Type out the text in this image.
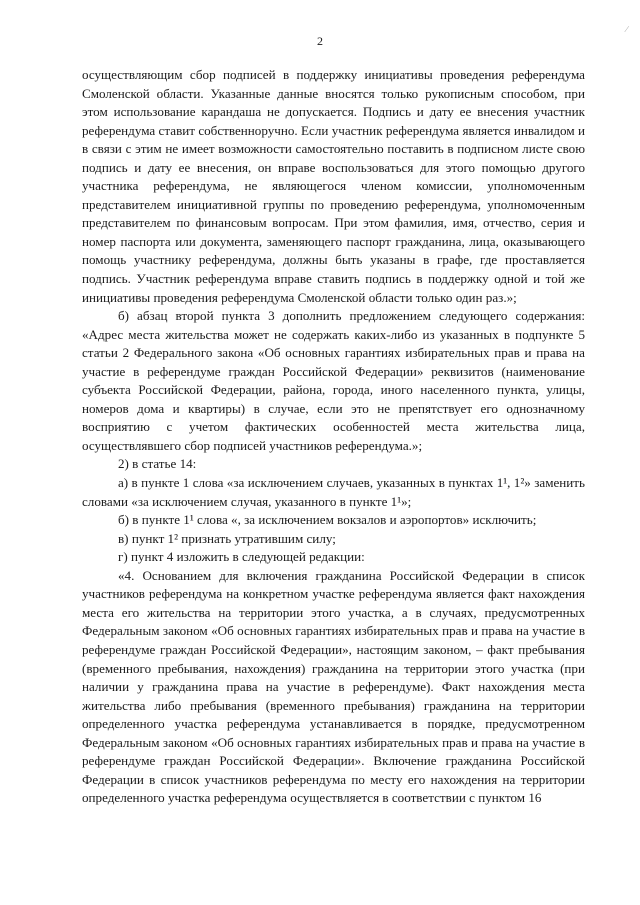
2
∕

осуществляющим сбор подписей в поддержку инициативы проведения референдума Смоленской области. Указанные данные вносятся только рукописным способом, при этом использование карандаша не допускается. Подпись и дату ее внесения участник референдума ставит собственноручно. Если участник референдума является инвалидом и в связи с этим не имеет возможности самостоятельно поставить в подписном листе свою подпись и дату ее внесения, он вправе воспользоваться для этого помощью другого участника референдума, не являющегося членом комиссии, уполномоченным представителем инициативной группы по проведению референдума, уполномоченным представителем по финансовым вопросам. При этом фамилия, имя, отчество, серия и номер паспорта или документа, заменяющего паспорт гражданина, лица, оказывающего помощь участнику референдума, должны быть указаны в графе, где проставляется подпись. Участник референдума вправе ставить подпись в поддержку одной и той же инициативы проведения референдума Смоленской области только один раз.»;

б) абзац второй пункта 3 дополнить предложением следующего содержания: «Адрес места жительства может не содержать каких-либо из указанных в подпункте 5 статьи 2 Федерального закона «Об основных гарантиях избирательных прав и права на участие в референдуме граждан Российской Федерации» реквизитов (наименование субъекта Российской Федерации, района, города, иного населенного пункта, улицы, номеров дома и квартиры) в случае, если это не препятствует его однозначному восприятию с учетом фактических особенностей места жительства лица, осуществлявшего сбор подписей участников референдума.»;

2) в статье 14:

а) в пункте 1 слова «за исключением случаев, указанных в пунктах 1¹, 1²» заменить словами «за исключением случая, указанного в пункте 1¹»;

б) в пункте 1¹ слова «, за исключением вокзалов и аэропортов» исключить;

в) пункт 1² признать утратившим силу;

г) пункт 4 изложить в следующей редакции:

«4. Основанием для включения гражданина Российской Федерации в список участников референдума на конкретном участке референдума является факт нахождения места его жительства на территории этого участка, а в случаях, предусмотренных Федеральным законом «Об основных гарантиях избирательных прав и права на участие в референдуме граждан Российской Федерации», настоящим законом, – факт пребывания (временного пребывания, нахождения) гражданина на территории этого участка (при наличии у гражданина права на участие в референдуме). Факт нахождения места жительства либо пребывания (временного пребывания) гражданина на территории определенного участка референдума устанавливается в порядке, предусмотренном Федеральным законом «Об основных гарантиях избирательных прав и права на участие в референдуме граждан Российской Федерации». Включение гражданина Российской Федерации в список участников референдума по месту его нахождения на территории определенного участка референдума осуществляется в соответствии с пунктом 16
